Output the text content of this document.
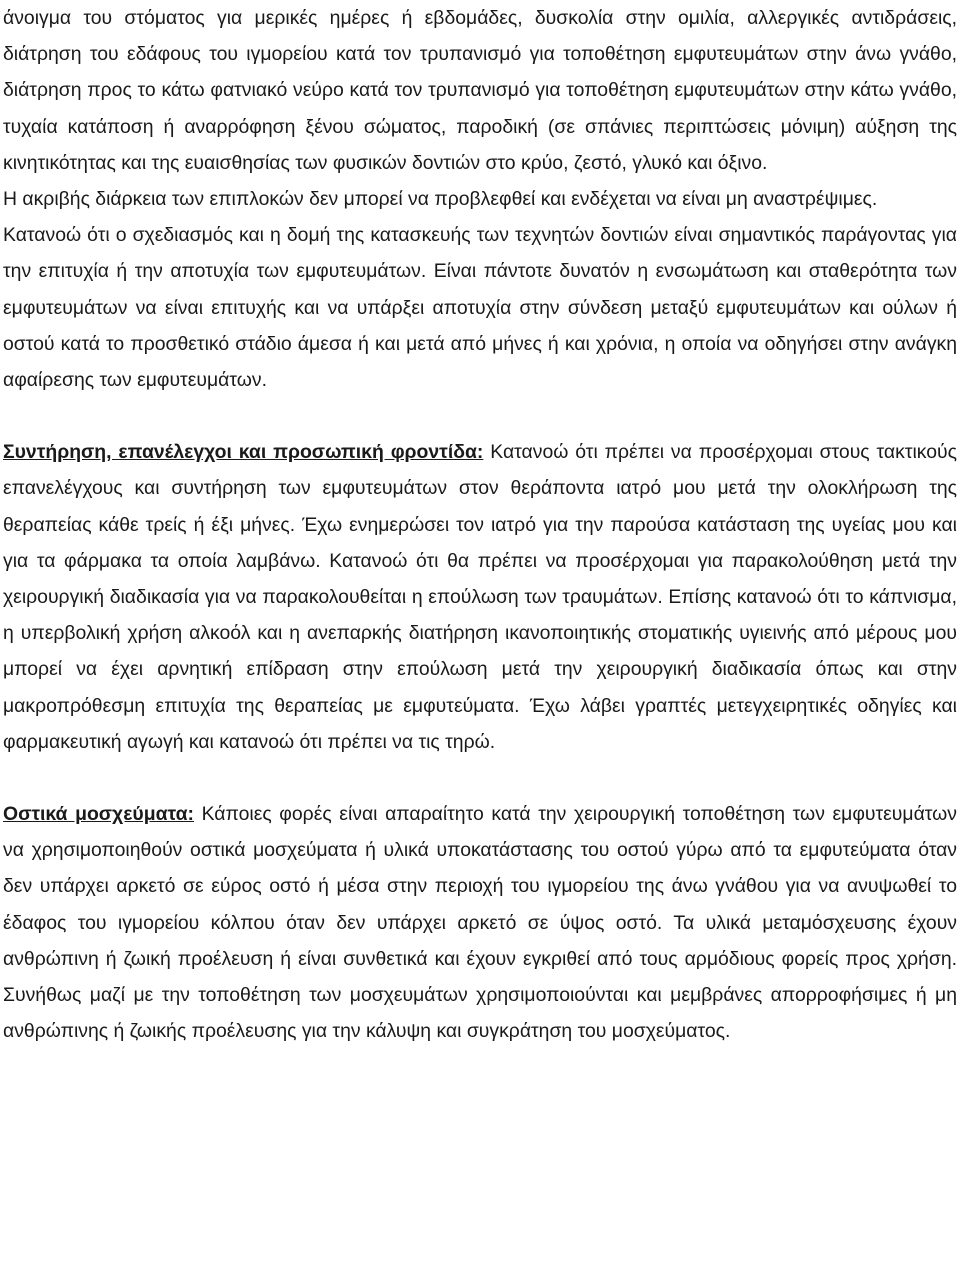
άνοιγμα του στόματος για μερικές ημέρες ή εβδομάδες, δυσκολία στην ομιλία, αλλεργικές αντιδράσεις, διάτρηση του εδάφους του ιγμορείου κατά τον τρυπανισμό για τοποθέτηση εμφυτευμάτων στην άνω γνάθο, διάτρηση προς το κάτω φατνιακό νεύρο κατά τον τρυπανισμό για τοποθέτηση εμφυτευμάτων στην κάτω γνάθο, τυχαία κατάποση ή αναρρόφηση ξένου σώματος, παροδική (σε σπάνιες περιπτώσεις μόνιμη) αύξηση της κινητικότητας και της ευαισθησίας των φυσικών δοντιών στο κρύο, ζεστό, γλυκό και όξινο.

Η ακριβής διάρκεια των επιπλοκών δεν μπορεί να προβλεφθεί και ενδέχεται να είναι μη αναστρέψιμες.

Κατανοώ ότι ο σχεδιασμός και η δομή της κατασκευής των τεχνητών δοντιών είναι σημαντικός παράγοντας για την επιτυχία ή την αποτυχία των εμφυτευμάτων. Είναι πάντοτε δυνατόν η ενσωμάτωση και σταθερότητα των εμφυτευμάτων να είναι επιτυχής και να υπάρξει αποτυχία στην σύνδεση μεταξύ εμφυτευμάτων και ούλων ή οστού κατά το προσθετικό στάδιο άμεσα ή και μετά από μήνες ή και χρόνια, η οποία να οδηγήσει στην ανάγκη αφαίρεσης των εμφυτευμάτων.

Συντήρηση, επανέλεγχοι και προσωπική φροντίδα: Κατανοώ ότι πρέπει να προσέρχομαι στους τακτικούς επανελέγχους και συντήρηση των εμφυτευμάτων στον θεράποντα ιατρό μου μετά την ολοκλήρωση της θεραπείας κάθε τρείς ή έξι μήνες. Έχω ενημερώσει τον ιατρό για την παρούσα κατάσταση της υγείας μου και για τα φάρμακα τα οποία λαμβάνω. Κατανοώ ότι θα πρέπει να προσέρχομαι για παρακολούθηση μετά την χειρουργική διαδικασία για να παρακολουθείται η επούλωση των τραυμάτων. Επίσης κατανοώ ότι το κάπνισμα, η υπερβολική χρήση αλκοόλ και η ανεπαρκής διατήρηση ικανοποιητικής στοματικής υγιεινής από μέρους μου μπορεί να έχει αρνητική επίδραση στην επούλωση μετά την χειρουργική διαδικασία όπως και στην μακροπρόθεσμη επιτυχία της θεραπείας με εμφυτεύματα. Έχω λάβει γραπτές μετεγχειρητικές οδηγίες και φαρμακευτική αγωγή και κατανοώ ότι πρέπει να τις τηρώ.

Οστικά μοσχεύματα: Κάποιες φορές είναι απαραίτητο κατά την χειρουργική τοποθέτηση των εμφυτευμάτων να χρησιμοποιηθούν οστικά μοσχεύματα ή υλικά υποκατάστασης του οστού γύρω από τα εμφυτεύματα όταν δεν υπάρχει αρκετό σε εύρος οστό ή μέσα στην περιοχή του ιγμορείου της άνω γνάθου για να ανυψωθεί το έδαφος του ιγμορείου κόλπου όταν δεν υπάρχει αρκετό σε ύψος οστό. Τα υλικά μεταμόσχευσης έχουν ανθρώπινη ή ζωική προέλευση ή είναι συνθετικά και έχουν εγκριθεί από τους αρμόδιους φορείς προς χρήση. Συνήθως μαζί με την τοποθέτηση των μοσχευμάτων χρησιμοποιούνται και μεμβράνες απορροφήσιμες ή μη ανθρώπινης ή ζωικής προέλευσης για την κάλυψη και συγκράτηση του μοσχεύματος.
